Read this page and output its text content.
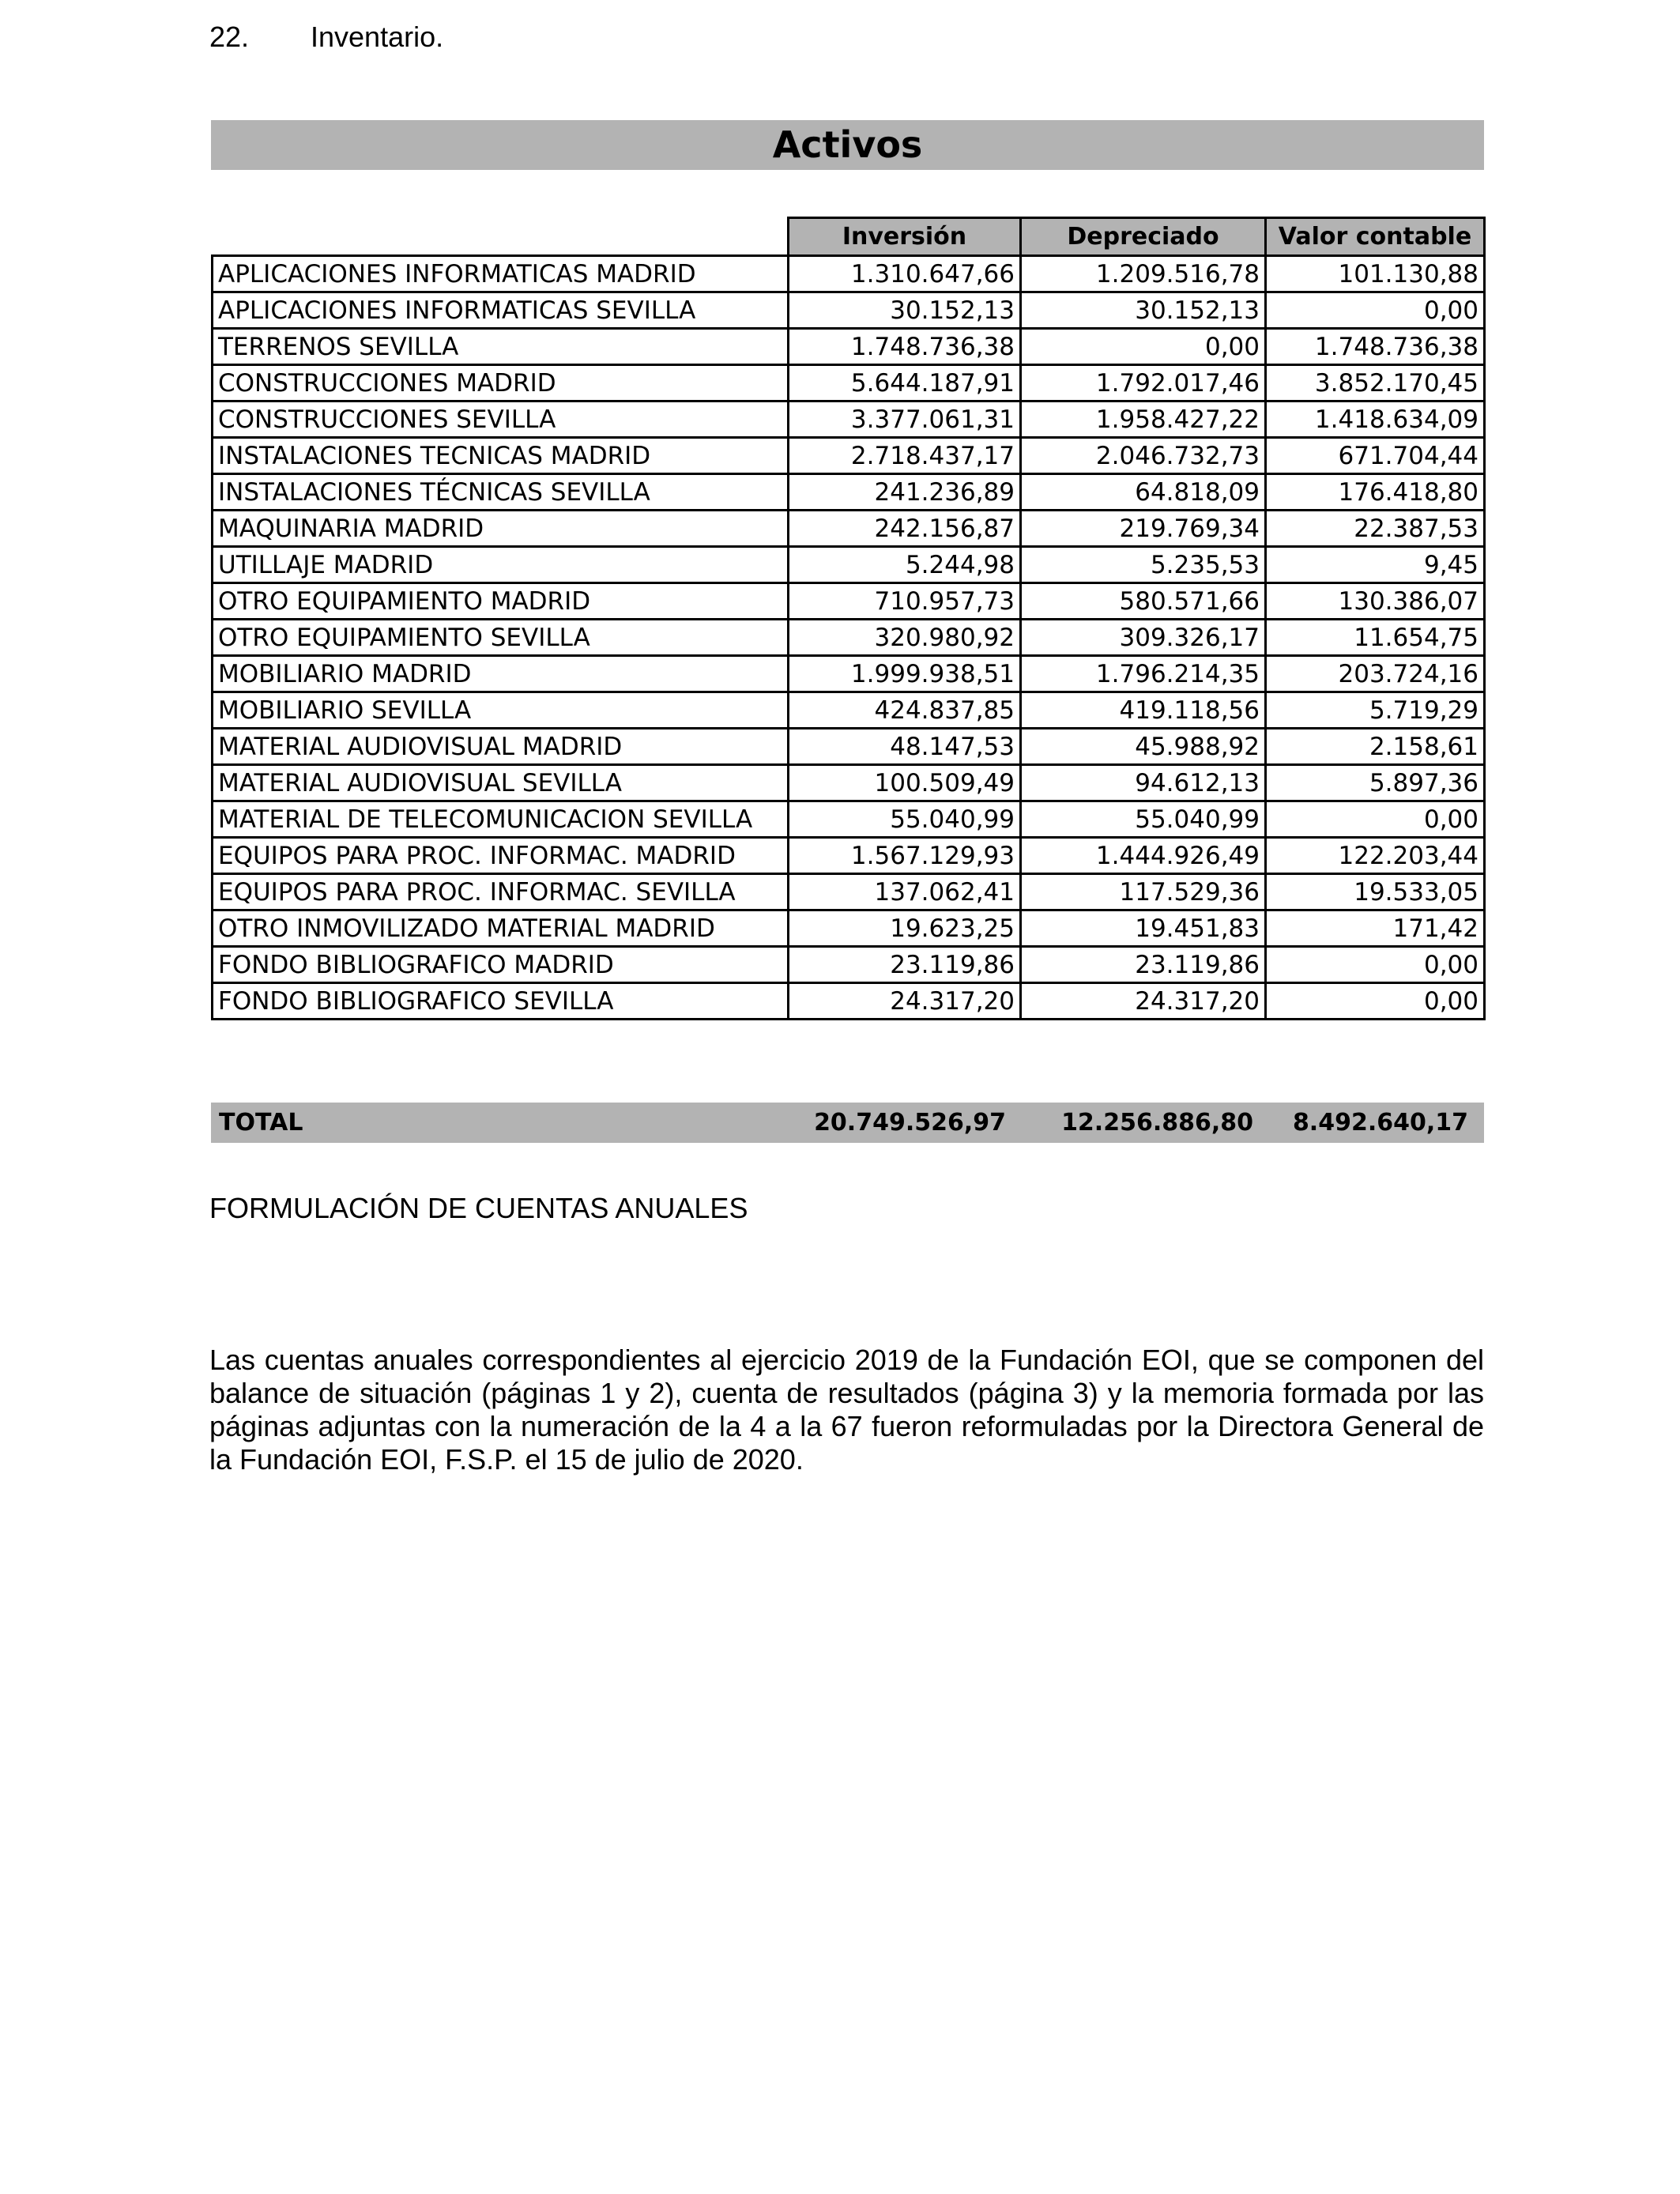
22.	Inventario.
Activos
	Inversión	Depreciado	Valor contable
APLICACIONES INFORMATICAS MADRID	1.310.647,66	1.209.516,78	101.130,88
APLICACIONES INFORMATICAS SEVILLA	30.152,13	30.152,13	0,00
TERRENOS SEVILLA	1.748.736,38	0,00	1.748.736,38
CONSTRUCCIONES MADRID	5.644.187,91	1.792.017,46	3.852.170,45
CONSTRUCCIONES SEVILLA	3.377.061,31	1.958.427,22	1.418.634,09
INSTALACIONES TECNICAS MADRID	2.718.437,17	2.046.732,73	671.704,44
INSTALACIONES TÉCNICAS SEVILLA	241.236,89	64.818,09	176.418,80
MAQUINARIA MADRID	242.156,87	219.769,34	22.387,53
UTILLAJE MADRID	5.244,98	5.235,53	9,45
OTRO EQUIPAMIENTO MADRID	710.957,73	580.571,66	130.386,07
OTRO EQUIPAMIENTO SEVILLA	320.980,92	309.326,17	11.654,75
MOBILIARIO MADRID	1.999.938,51	1.796.214,35	203.724,16
MOBILIARIO SEVILLA	424.837,85	419.118,56	5.719,29
MATERIAL AUDIOVISUAL MADRID	48.147,53	45.988,92	2.158,61
MATERIAL AUDIOVISUAL SEVILLA	100.509,49	94.612,13	5.897,36
MATERIAL DE TELECOMUNICACION SEVILLA	55.040,99	55.040,99	0,00
EQUIPOS PARA PROC. INFORMAC. MADRID	1.567.129,93	1.444.926,49	122.203,44
EQUIPOS PARA PROC. INFORMAC. SEVILLA	137.062,41	117.529,36	19.533,05
OTRO INMOVILIZADO MATERIAL MADRID	19.623,25	19.451,83	171,42
FONDO BIBLIOGRAFICO MADRID	23.119,86	23.119,86	0,00
FONDO BIBLIOGRAFICO SEVILLA	24.317,20	24.317,20	0,00
TOTAL	20.749.526,97 12.256.886,80 8.492.640,17
FORMULACIÓN DE CUENTAS ANUALES
Las cuentas anuales correspondientes al ejercicio 2019 de la Fundación EOI, que se componen del balance de situación (páginas 1 y 2), cuenta de resultados (página 3) y la memoria formada por las páginas adjuntas con la numeración de la 4 a la 67 fueron reformuladas por la Directora General de la Fundación EOI, F.S.P. el 15 de julio de 2020.
